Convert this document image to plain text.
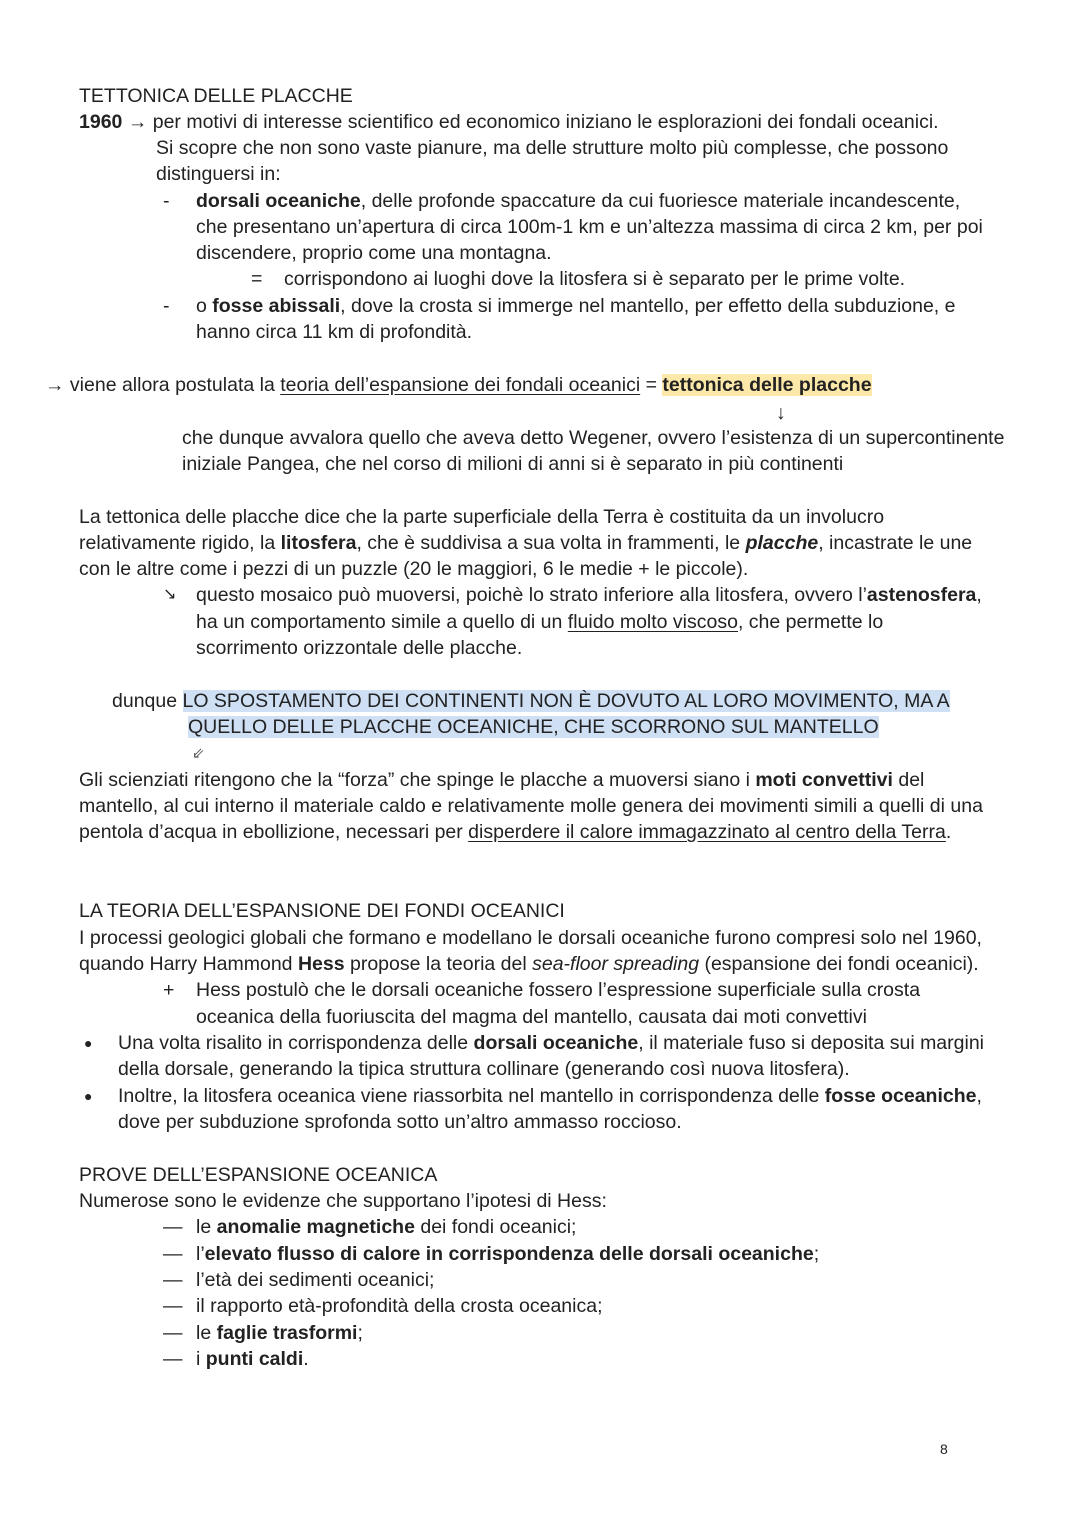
TETTONICA DELLE PLACCHE
1960 → per motivi di interesse scientifico ed economico iniziano le esplorazioni dei fondali oceanici.
Si scopre che non sono vaste pianure, ma delle strutture molto più complesse, che possono
distinguersi in:
- dorsali oceaniche, delle profonde spaccature da cui fuoriesce materiale incandescente,
che presentano un’apertura di circa 100m-1 km e un’altezza massima di circa 2 km, per poi
discendere, proprio come una montagna.
= corrispondono ai luoghi dove la litosfera si è separato per le prime volte.
- o fosse abissali, dove la crosta si immerge nel mantello, per effetto della subduzione, e
hanno circa 11 km di profondità.
→ viene allora postulata la teoria dell’espansione dei fondali oceanici = tettonica delle placche
↓
che dunque avvalora quello che aveva detto Wegener, ovvero l’esistenza di un supercontinente
iniziale Pangea, che nel corso di milioni di anni si è separato in più continenti
La tettonica delle placche dice che la parte superficiale della Terra è costituita da un involucro
relativamente rigido, la litosfera, che è suddivisa a sua volta in frammenti, le placche, incastrate le une
con le altre come i pezzi di un puzzle (20 le maggiori, 6 le medie + le piccole).
↘ questo mosaico può muoversi, poichè lo strato inferiore alla litosfera, ovvero l’astenosfera,
ha un comportamento simile a quello di un fluido molto viscoso, che permette lo
scorrimento orizzontale delle placche.
dunque LO SPOSTAMENTO DEI CONTINENTI NON È DOVUTO AL LORO MOVIMENTO, MA A
QUELLO DELLE PLACCHE OCEANICHE, CHE SCORRONO SUL MANTELLO
⇙
Gli scienziati ritengono che la “forza” che spinge le placche a muoversi siano i moti convettivi del
mantello, al cui interno il materiale caldo e relativamente molle genera dei movimenti simili a quelli di una
pentola d’acqua in ebollizione, necessari per disperdere il calore immagazzinato al centro della Terra.
LA TEORIA DELL’ESPANSIONE DEI FONDI OCEANICI
I processi geologici globali che formano e modellano le dorsali oceaniche furono compresi solo nel 1960,
quando Harry Hammond Hess propose la teoria del sea-floor spreading (espansione dei fondi oceanici).
+ Hess postulò che le dorsali oceaniche fossero l’espressione superficiale sulla crosta
oceanica della fuoriuscita del magma del mantello, causata dai moti convettivi
● Una volta risalito in corrispondenza delle dorsali oceaniche, il materiale fuso si deposita sui margini
della dorsale, generando la tipica struttura collinare (generando così nuova litosfera).
● Inoltre, la litosfera oceanica viene riassorbita nel mantello in corrispondenza delle fosse oceaniche,
dove per subduzione sprofonda sotto un’altro ammasso roccioso.
PROVE DELL’ESPANSIONE OCEANICA
Numerose sono le evidenze che supportano l’ipotesi di Hess:
— le anomalie magnetiche dei fondi oceanici;
— l’elevato flusso di calore in corrispondenza delle dorsali oceaniche;
— l’età dei sedimenti oceanici;
— il rapporto età-profondità della crosta oceanica;
— le faglie trasformi;
— i punti caldi.
8
